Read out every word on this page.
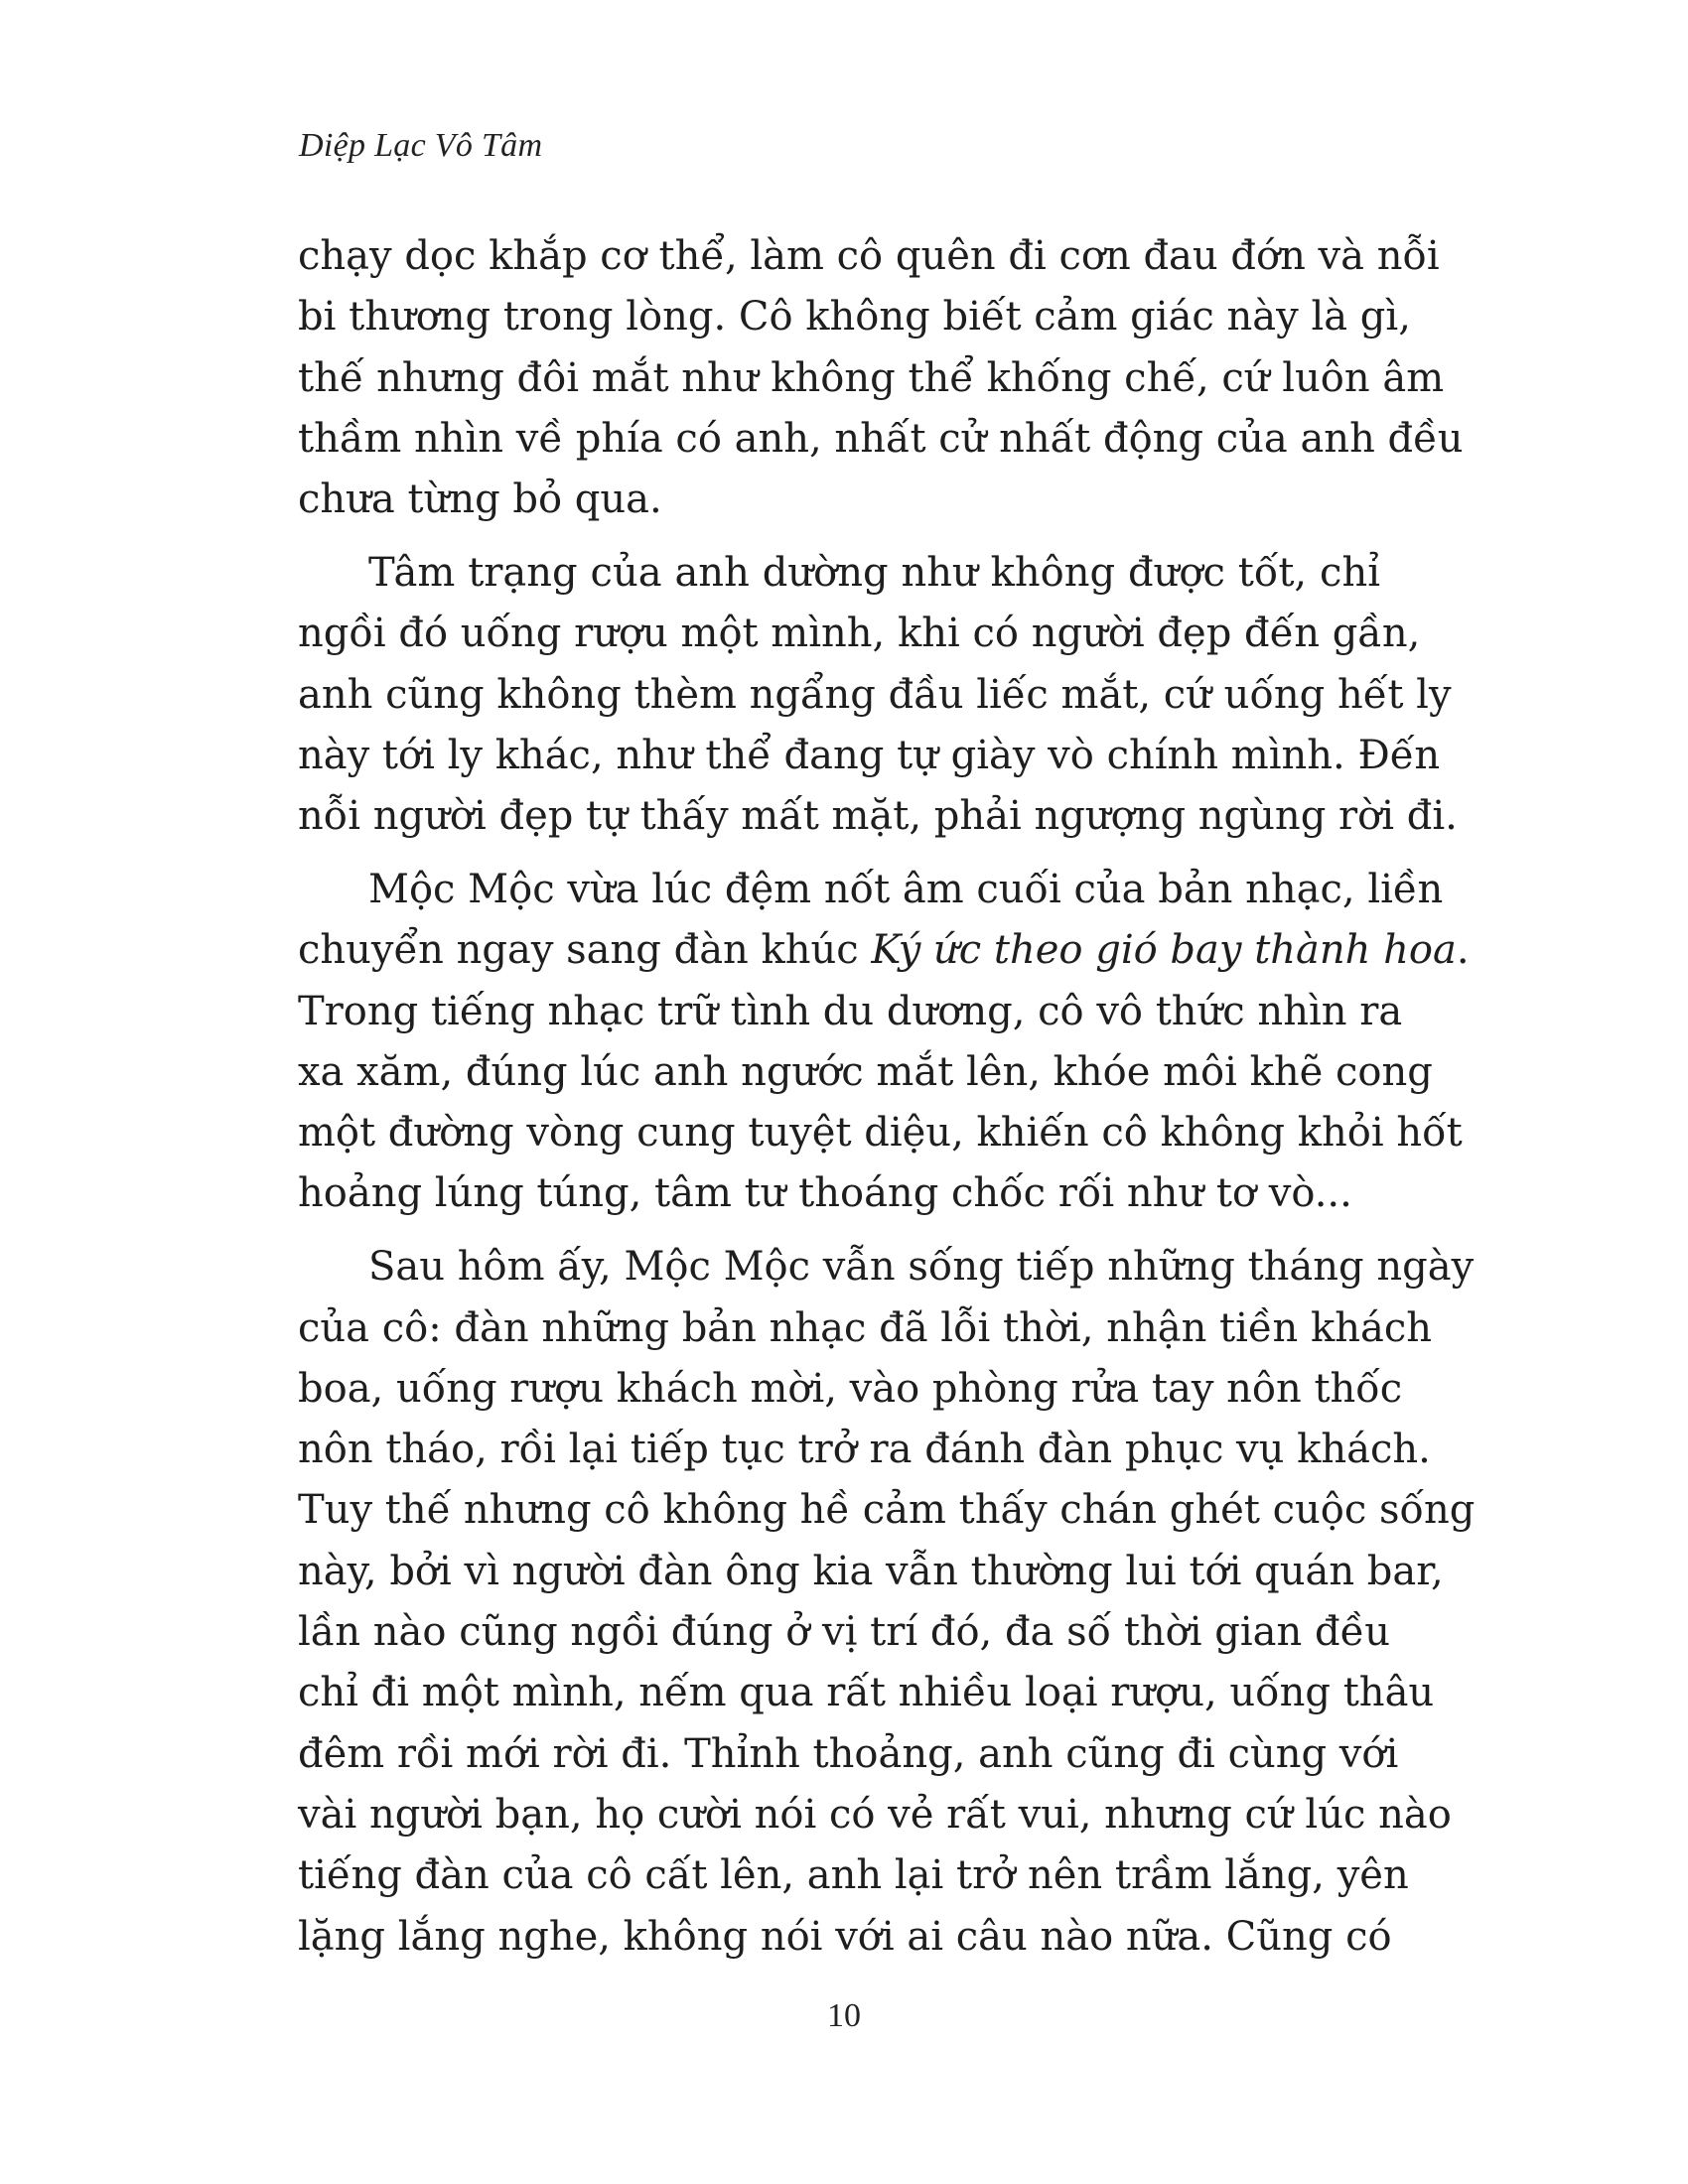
Diệp Lạc Vô Tâm
chạy dọc khắp cơ thể, làm cô quên đi cơn đau đớn và nỗi
bi thương trong lòng. Cô không biết cảm giác này là gì,
thế nhưng đôi mắt như không thể khống chế, cứ luôn âm
thầm nhìn về phía có anh, nhất cử nhất động của anh đều
chưa từng bỏ qua.
Tâm trạng của anh dường như không được tốt, chỉ
ngồi đó uống rượu một mình, khi có người đẹp đến gần,
anh cũng không thèm ngẩng đầu liếc mắt, cứ uống hết ly
này tới ly khác, như thể đang tự giày vò chính mình. Đến
nỗi người đẹp tự thấy mất mặt, phải ngượng ngùng rời đi.
Mộc Mộc vừa lúc đệm nốt âm cuối của bản nhạc, liền
chuyển ngay sang đàn khúc Ký ức theo gió bay thành hoa.
Trong tiếng nhạc trữ tình du dương, cô vô thức nhìn ra
xa xăm, đúng lúc anh ngước mắt lên, khóe môi khẽ cong
một đường vòng cung tuyệt diệu, khiến cô không khỏi hốt
hoảng lúng túng, tâm tư thoáng chốc rối như tơ vò...
Sau hôm ấy, Mộc Mộc vẫn sống tiếp những tháng ngày
của cô: đàn những bản nhạc đã lỗi thời, nhận tiền khách
boa, uống rượu khách mời, vào phòng rửa tay nôn thốc
nôn tháo, rồi lại tiếp tục trở ra đánh đàn phục vụ khách.
Tuy thế nhưng cô không hề cảm thấy chán ghét cuộc sống
này, bởi vì người đàn ông kia vẫn thường lui tới quán bar,
lần nào cũng ngồi đúng ở vị trí đó, đa số thời gian đều
chỉ đi một mình, nếm qua rất nhiều loại rượu, uống thâu
đêm rồi mới rời đi. Thỉnh thoảng, anh cũng đi cùng với
vài người bạn, họ cười nói có vẻ rất vui, nhưng cứ lúc nào
tiếng đàn của cô cất lên, anh lại trở nên trầm lắng, yên
lặng lắng nghe, không nói với ai câu nào nữa. Cũng có
10
